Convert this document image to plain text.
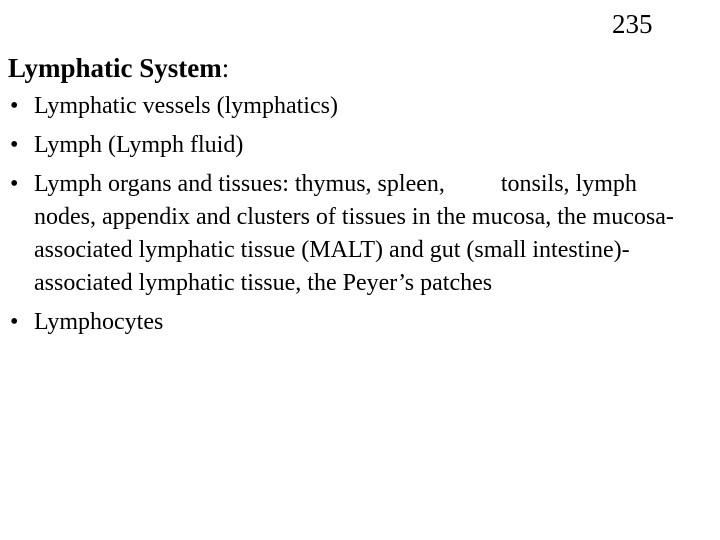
235
Lymphatic System:
• Lymphatic vessels (lymphatics)
• Lymph (Lymph fluid)
• Lymph organs and tissues: thymus, spleen, tonsils, lymph nodes, appendix and clusters of tissues in the mucosa, the mucosa-associated lymphatic tissue (MALT) and gut (small intestine)- associated lymphatic tissue, the Peyer’s patches
• Lymphocytes
